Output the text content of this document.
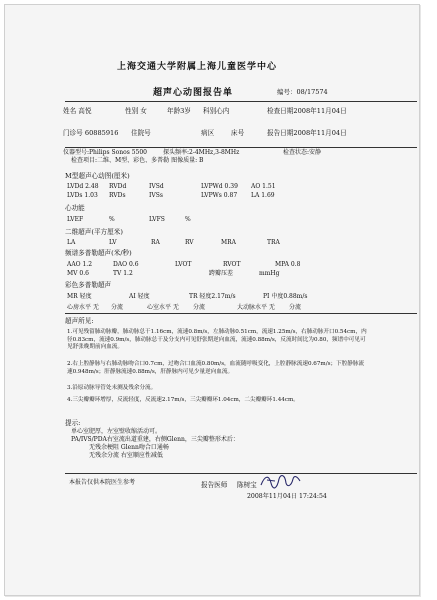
上海交通大学附属上海儿童医学中心
超声心动图报告单	编号：08/17574
姓名 高悦	性别 女	年龄3岁 科别心内	检查日期2008年11月04日
门诊号 60885916 住院号	病区	床号	报告日期2008年11月04日
仪器型号:Philips Sonos 5500	探头频率:2-4MHz,3-8MHz	检查状态:安静
检查项目:二维、M型、彩色、多普勒 图像质量: B
M型超声心动图(厘米)
LVDd 2.48 RVDd	IVSd	LVPWd 0.39 AO 1.51
LVDs 1.03 RVDs	IVSs	LVPWs 0.87 LA 1.69
心功能
LVEF	%	LVFS	%
二维超声(平方厘米)
LA	LV	RA	RV	MRA	TRA
频谱多普勒超声(米/秒)
AAO 1.2	DAO 0.6	LVOT	RVOT	MPA 0.8
MV 0.6	TV 1.2	跨瓣压差	mmHg
彩色多普勒超声
MR 轻度	AI 轻度	TR 轻度2.17m/s	PI 中度0.88m/s
心房水平 无 分流	心室水平 无 分流	大动脉水平 无 分流
超声所见:
1.可见残留肺动脉瓣，肺动脉总干1.16cm，流速0.8m/s，左肺动脉0.51cm，流速1.25m/s，右肺动脉开口0.54cm，内径0.83cm，流速0.9m/s，肺动脉总干及分支内可见舒张期逆向血流，流速0.88m/s，反流时间比为0.80，频谱中可见可见舒张晚期前向血流。
2.右上腔静脉与右肺动脉吻合口0.7cm，过吻合口血流0.80m/s，血流随呼吸变化，上腔静脉流速0.67m/s；下腔静脉流速0.948m/s；肝静脉流速0.88m/s，肝静脉内可见少量逆向血流。
3.沿原动脉导管处未测及残余分流。
4.三尖瓣瓣环增厚，反流轻度，反流速2.17m/s，三尖瓣瓣环1.04cm，二尖瓣瓣环1.44cm。
提示:
单心室肥厚，左室壁收缩活动可。
PA/IVS/PDA右室流出道重建，右侧Glenn，三尖瓣整形术后：
无残余梗阻 Glenn吻合口通畅
无残余分流 右室顺应性减低
本报告仅供本院医生参考	报告医师 陈树宝
2008年11月04日 17:24:54
